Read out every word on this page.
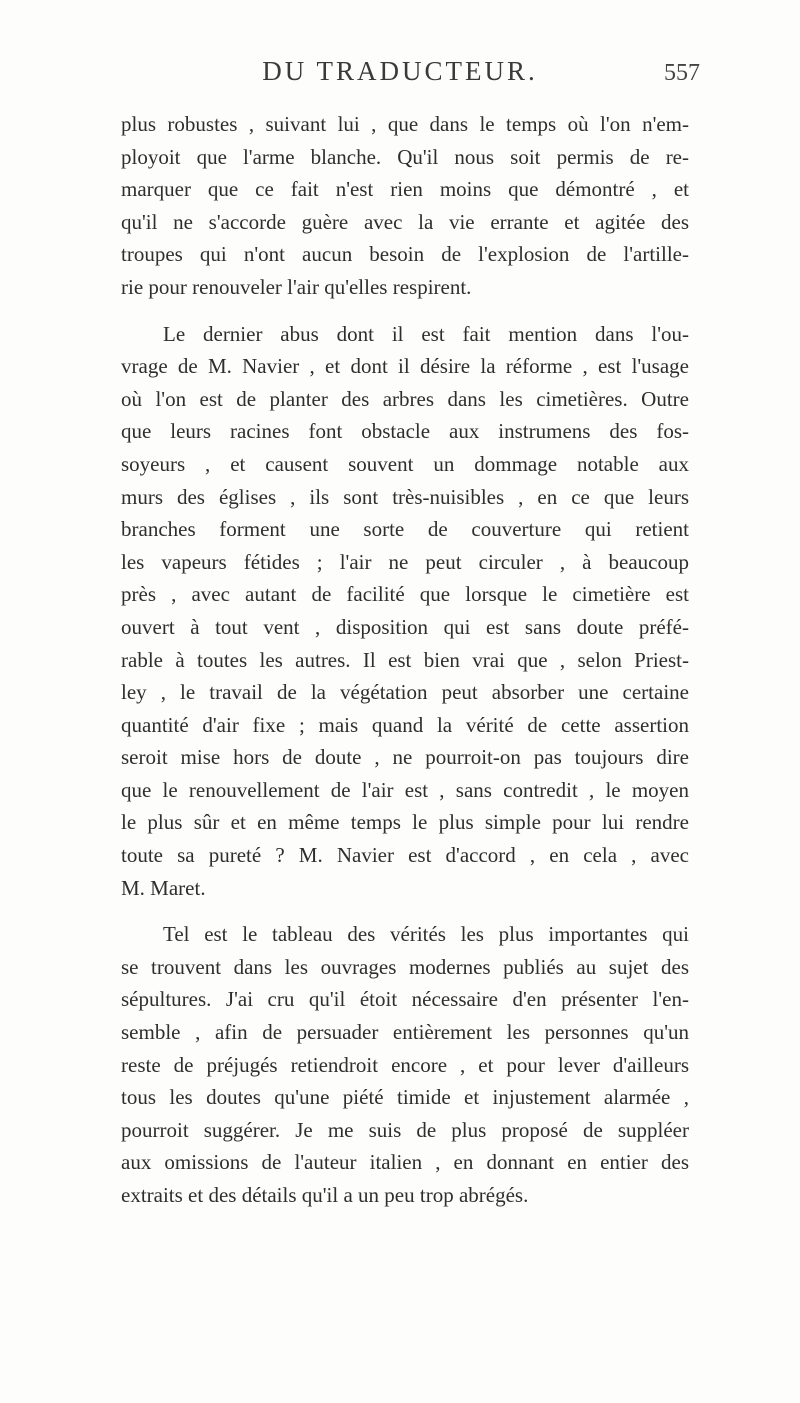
DU TRADUCTEUR.	557
plus robustes , suivant lui , que dans le temps où l'on n'em-
ployoit que l'arme blanche. Qu'il nous soit permis de re-
marquer que ce fait n'est rien moins que démontré , et
qu'il ne s'accorde guère avec la vie errante et agitée des
troupes qui n'ont aucun besoin de l'explosion de l'artille-
rie pour renouveler l'air qu'elles respirent.
Le dernier abus dont il est fait mention dans l'ou-
vrage de M. Navier , et dont il désire la réforme , est l'usage
où l'on est de planter des arbres dans les cimetières. Outre
que leurs racines font obstacle aux instrumens des fos-
soyeurs , et causent souvent un dommage notable aux
murs des églises , ils sont très-nuisibles , en ce que leurs
branches forment une sorte de couverture qui retient
les vapeurs fétides ; l'air ne peut circuler , à beaucoup
près , avec autant de facilité que lorsque le cimetière est
ouvert à tout vent , disposition qui est sans doute préfé-
rable à toutes les autres. Il est bien vrai que , selon Priest-
ley , le travail de la végétation peut absorber une certaine
quantité d'air fixe ; mais quand la vérité de cette assertion
seroit mise hors de doute , ne pourroit-on pas toujours dire
que le renouvellement de l'air est , sans contredit , le moyen
le plus sûr et en même temps le plus simple pour lui rendre
toute sa pureté ? M. Navier est d'accord , en cela , avec
M. Maret.
Tel est le tableau des vérités les plus importantes qui
se trouvent dans les ouvrages modernes publiés au sujet des
sépultures. J'ai cru qu'il étoit nécessaire d'en présenter l'en-
semble , afin de persuader entièrement les personnes qu'un
reste de préjugés retiendroit encore , et pour lever d'ailleurs
tous les doutes qu'une piété timide et injustement alarmée ,
pourroit suggérer. Je me suis de plus proposé de suppléer
aux omissions de l'auteur italien , en donnant en entier des
extraits et des détails qu'il a un peu trop abrégés.
